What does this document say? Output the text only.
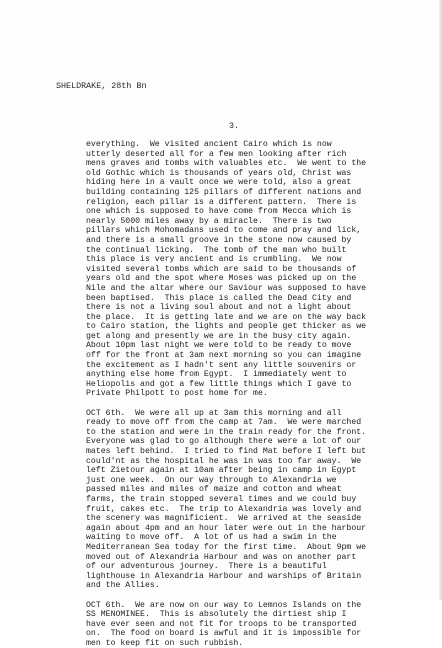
SHELDRAKE, 28th Bn
3.
everything.  We visited ancient Cairo which is now
utterly deserted all for a few men looking after rich
mens graves and tombs with valuables etc.  We went to the
old Gothic which is thousands of years old, Christ was
hiding here in a vault once we were told, also a great
building containing 125 pillars of different nations and
religion, each pillar is a different pattern.  There is
one which is supposed to have come from Mecca which is
nearly 5000 miles away by a miracle.  There is two
pillars which Mohomadans used to come and pray and lick,
and there is a small groove in the stone now caused by
the continual licking.  The tomb of the man who built
this place is very ancient and is crumbling.  We now
visited several tombs which are said to be thousands of
years old and the spot where Moses was picked up on the
Nile and the altar where our Saviour was supposed to have
been baptised.  This place is called the Dead City and
there is not a living soul about and not a light about
the place.  It is getting late and we are on the way back
to Cairo station, the lights and people get thicker as we
get along and presently we are in the busy city again.
About 10pm last night we were told to be ready to move
off for the front at 3am next morning so you can imagine
the excitement as I hadn't sent any little souvenirs or
anything else home from Egypt.  I immediately went to
Heliopolis and got a few little things which I gave to
Private Philpott to post home for me.
OCT 6th.  We were all up at 3am this morning and all
ready to move off from the camp at 7am.  We were marched
to the station and were in the train ready for the front.
Everyone was glad to go although there were a lot of our
mates left behind.  I tried to find Mat before I left but
could'nt as the hospital he was in was too far away.  We
left Zietour again at 10am after being in camp in Egypt
just one week.  On our way through to Alexandria we
passed miles and miles of maize and cotton and wheat
farms, the train stopped several times and we could buy
fruit, cakes etc.  The trip to Alexandria was lovely and
the scenery was magnificient.  We arrived at the seaside
again about 4pm and an hour later were out in the harbour
waiting to move off.  A lot of us had a swim in the
Mediterranean Sea today for the first time.  About 9pm we
moved out of Alexandria Harbour and was on another part
of our adventurous journey.  There is a beautiful
lighthouse in Alexandria Harbour and warships of Britain
and the Allies.
OCT 6th.  We are now on our way to Lemnos Islands on the
SS MENOMINEE.  This is absolutely the dirtiest ship I
have ever seen and not fit for troops to be transported
on.  The food on board is awful and it is impossible for
men to keep fit on such rubbish.
